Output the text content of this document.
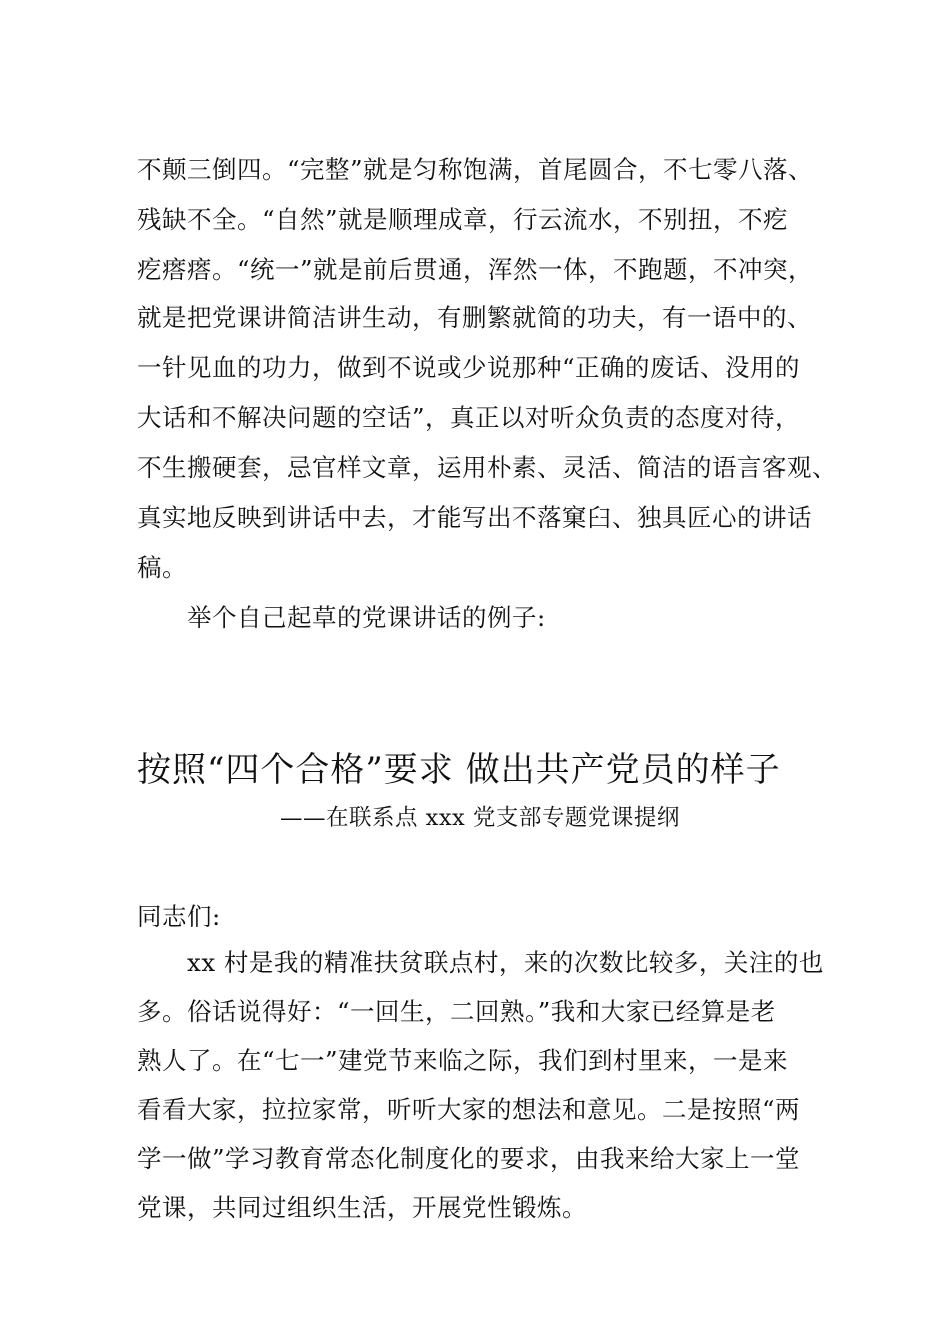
不颠三倒四。“完整”就是匀称饱满，首尾圆合，不七零八落、
残缺不全。“自然”就是顺理成章，行云流水，不别扭，不疙
疙瘩瘩。“统一”就是前后贯通，浑然一体，不跑题，不冲突，
就是把党课讲简洁讲生动，有删繁就简的功夫，有一语中的、
一针见血的功力，做到不说或少说那种“正确的废话、没用的
大话和不解决问题的空话”，真正以对听众负责的态度对待，
不生搬硬套，忌官样文章，运用朴素、灵活、简洁的语言客观、
真实地反映到讲话中去，才能写出不落窠臼、独具匠心的讲话
稿。
举个自己起草的党课讲话的例子:
按照“四个合格”要求 做出共产党员的样子
——在联系点 xxx 党支部专题党课提纲
同志们:
xx 村是我的精准扶贫联点村，来的次数比较多，关注的也
多。俗话说得好：“一回生，二回熟。”我和大家已经算是老
熟人了。在“七一”建党节来临之际，我们到村里来，一是来
看看大家，拉拉家常，听听大家的想法和意见。二是按照“两
学一做”学习教育常态化制度化的要求，由我来给大家上一堂
党课，共同过组织生活，开展党性锻炼。
